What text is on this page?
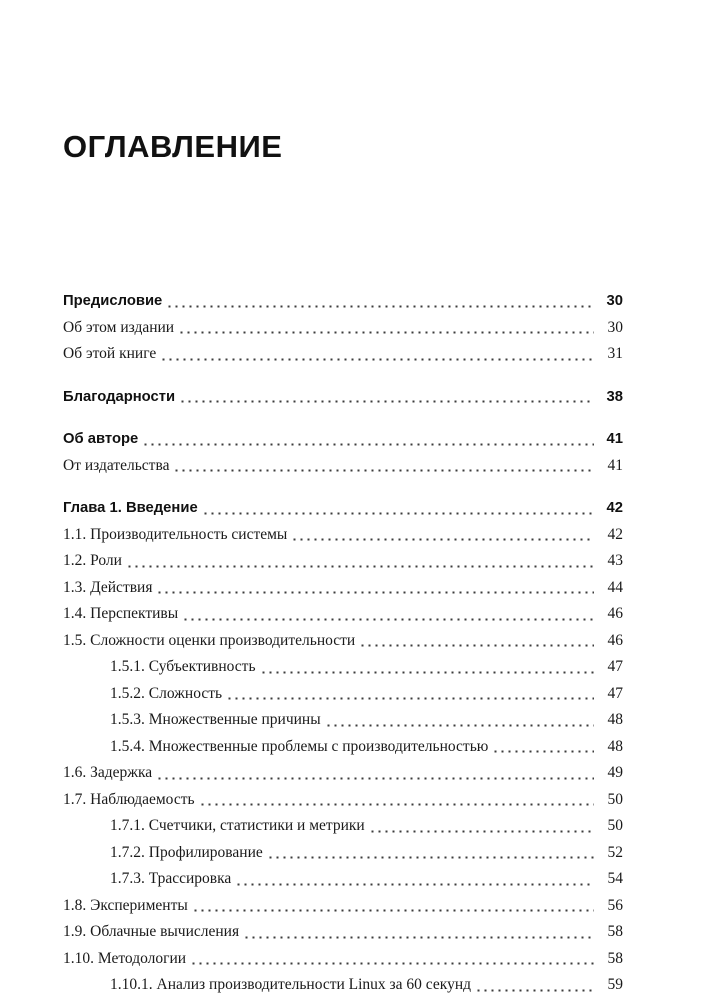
ОГЛАВЛЕНИЕ
Предисловие	30
Об этом издании	30
Об этой книге	31
Благодарности	38
Об авторе	41
От издательства	41
Глава 1. Введение	42
1.1. Производительность системы	42
1.2. Роли	43
1.3. Действия	44
1.4. Перспективы	46
1.5. Сложности оценки производительности	46
1.5.1. Субъективность	47
1.5.2. Сложность	47
1.5.3. Множественные причины	48
1.5.4. Множественные проблемы с производительностью	48
1.6. Задержка	49
1.7. Наблюдаемость	50
1.7.1. Счетчики, статистики и метрики	50
1.7.2. Профилирование	52
1.7.3. Трассировка	54
1.8. Эксперименты	56
1.9. Облачные вычисления	58
1.10. Методологии	58
1.10.1. Анализ производительности Linux за 60 секунд	59
